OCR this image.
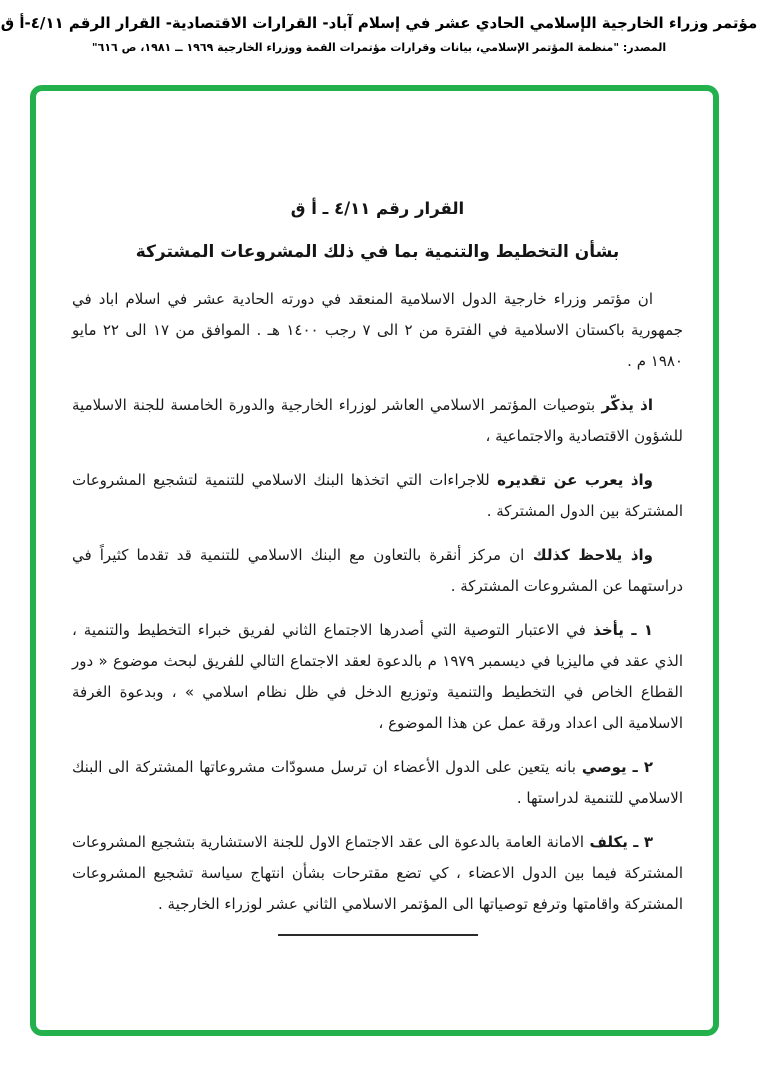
مؤتمر وزراء الخارجية الإسلامي الحادي عشر في إسلام آباد- القرارات الاقتصادية- القرار الرقم ٤/١١-أ ق
المصدر: "منظمة المؤتمر الإسلامي، بيانات وقرارات مؤتمرات القمة ووزراء الخارجية ١٩٦٩ ــ ١٩٨١، ص ٦١٦"
القرار رقم ٤/١١ ـ أ ق
بشأن التخطيط والتنمية بما في ذلك المشروعات المشتركة

ان مؤتمر وزراء خارجية الدول الاسلامية المنعقد في دورته الحادية عشر في اسلام اباد في جمهورية باكستان الاسلامية في الفترة من ٢ الى ٧ رجب ١٤٠٠ هـ . الموافق من ١٧ الى ٢٢ مايو ١٩٨٠ م .

اذ يذكّر بتوصيات المؤتمر الاسلامي العاشر لوزراء الخارجية والدورة الخامسة للجنة الاسلامية للشؤون الاقتصادية والاجتماعية ،

واذ يعرب عن تقديره للاجراءات التي اتخذها البنك الاسلامي للتنمية لتشجيع المشروعات المشتركة بين الدول المشتركة .

واذ يلاحظ كذلك ان مركز أنقرة بالتعاون مع البنك الاسلامي للتنمية قد تقدما كثيراً في دراستهما عن المشروعات المشتركة .

١ ـ يأخذ في الاعتبار التوصية التي أصدرها الاجتماع الثاني لفريق خبراء التخطيط والتنمية ، الذي عقد في ماليزيا في ديسمبر ١٩٧٩ م بالدعوة لعقد الاجتماع التالي للفريق لبحث موضوع « دور القطاع الخاص في التخطيط والتنمية وتوزيع الدخل في ظل نظام اسلامي » ، وبدعوة الغرفة الاسلامية الى اعداد ورقة عمل عن هذا الموضوع ،

٢ ـ يوصي بانه يتعين على الدول الأعضاء ان ترسل مسودّات مشروعاتها المشتركة الى البنك الاسلامي للتنمية لدراستها .

٣ ـ يكلف الامانة العامة بالدعوة الى عقد الاجتماع الاول للجنة الاستشارية بتشجيع المشروعات المشتركة فيما بين الدول الاعضاء ، كي تضع مقترحات بشأن انتهاج سياسة تشجيع المشروعات المشتركة واقامتها وترفع توصياتها الى المؤتمر الاسلامي الثاني عشر لوزراء الخارجية .
